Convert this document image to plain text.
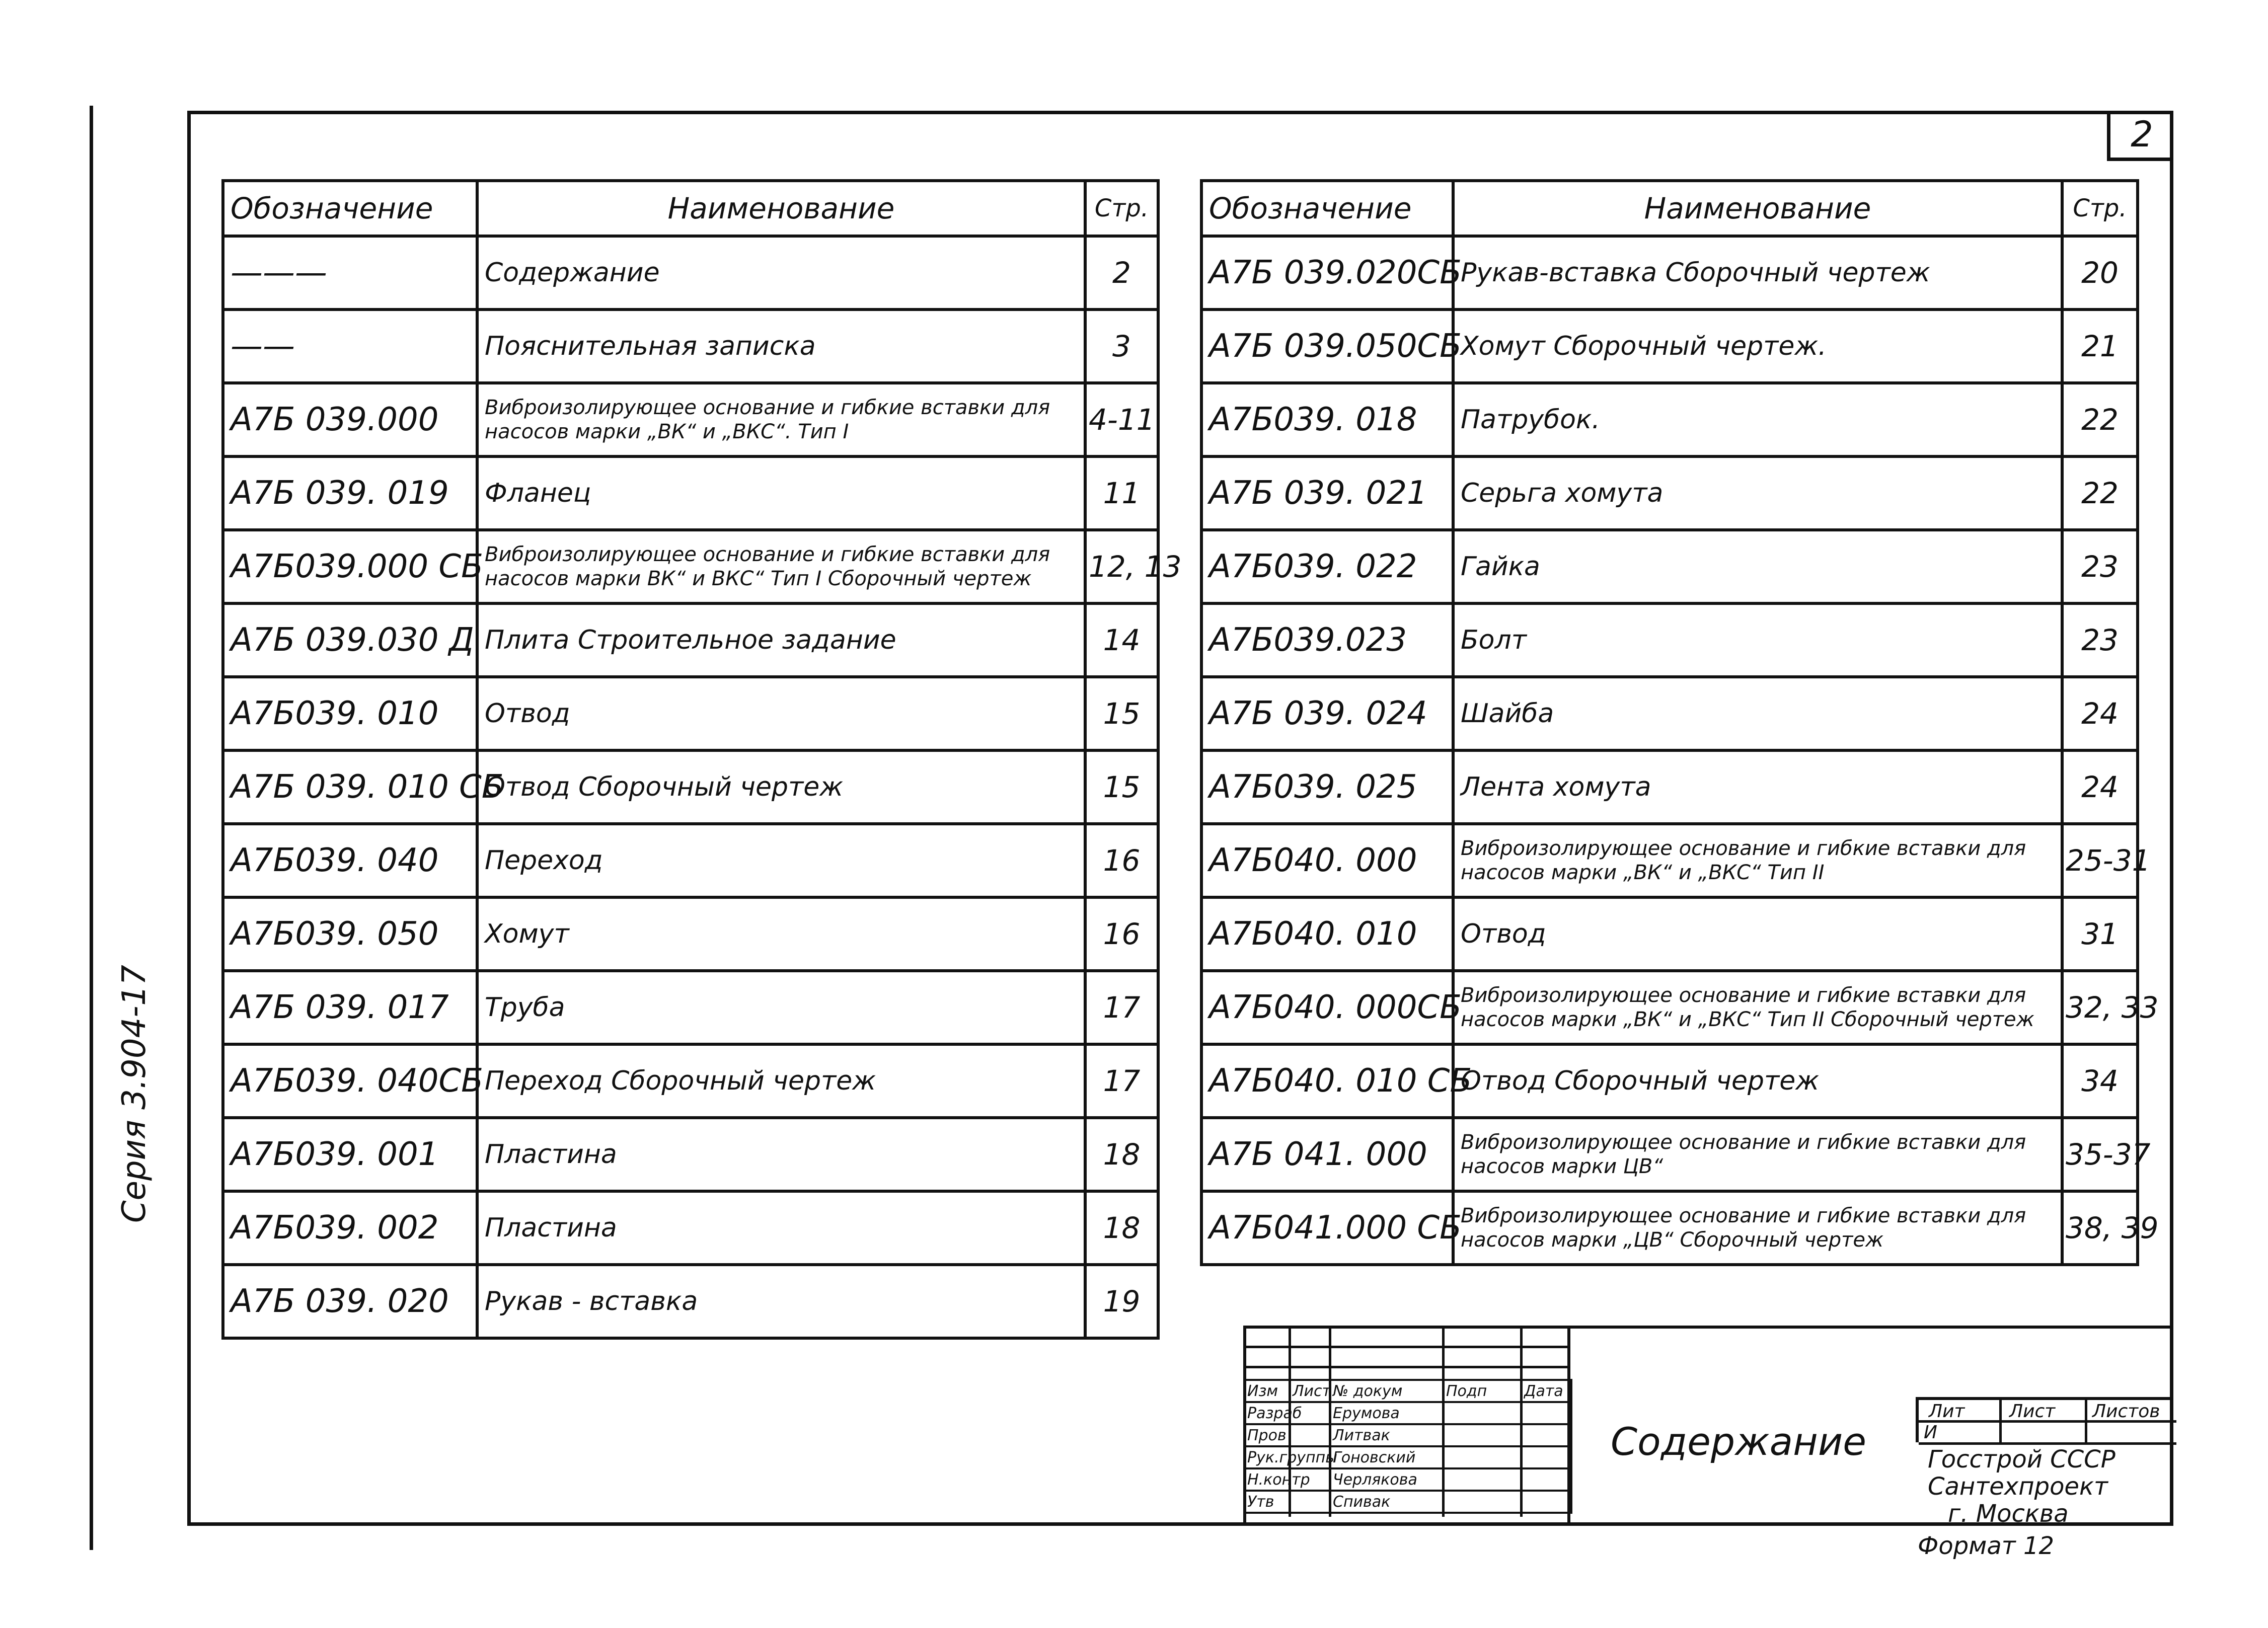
Серия 3.904-17
2
Обозначение	Наименование	Стр.
———	Содержание	2
——	Пояснительная записка	3
А7Б 039.000	Виброизолирующее основание и гибкие вставки для насосов марки „ВК“ и „ВКС“. Тип I	4-11
А7Б 039. 019	Фланец	11
А7Б039.000 СБ	Виброизолирующее основание и гибкие вставки для насосов марки ВК“ и ВКС“ Тип I Сборочный чертеж	12, 13
А7Б 039.030 Д	Плита Строительное задание	14
А7Б039. 010	Отвод	15
А7Б 039. 010 СБ	Отвод Сборочный чертеж	15
А7Б039. 040	Переход	16
А7Б039. 050	Хомут	16
А7Б 039. 017	Труба	17
А7Б039. 040СБ	Переход Сборочный чертеж	17
А7Б039. 001	Пластина	18
А7Б039. 002	Пластина	18
А7Б 039. 020	Рукав - вставка	19
Обозначение	Наименование	Стр.
А7Б 039.020СБ	Рукав-вставка Сборочный чертеж	20
А7Б 039.050СБ	Хомут Сборочный чертеж.	21
А7Б039. 018	Патрубок.	22
А7Б 039. 021	Серьга хомута	22
А7Б039. 022	Гайка	23
А7Б039.023	Болт	23
А7Б 039. 024	Шайба	24
А7Б039. 025	Лента хомута	24
А7Б040. 000	Виброизолирующее основание и гибкие вставки для насосов марки „ВК“ и „ВКС“ Тип II	25-31
А7Б040. 010	Отвод	31
А7Б040. 000СБ	Виброизолирующее основание и гибкие вставки для насосов марки „ВК“ и „ВКС“ Тип II Сборочный чертеж	32, 33
А7Б040. 010 СБ	Отвод Сборочный чертеж	34
А7Б 041. 000	Виброизолирующее основание и гибкие вставки для насосов марки ЦВ“	35-37
А7Б041.000 СБ	Виброизолирующее основание и гибкие вставки для насосов марки „ЦВ“ Сборочный чертеж	38, 39
Изм	Лист	№ докум	Подп	Дата
Разраб		Ерумова		
Пров		Литвак		
Рук.группы		Гоновский		
Н.контр		Черлякова		
Утв		Спивак		
Содержание
Лит Лист Листов
И
Госстрой СССР
Сантехпроект
г. Москва
Формат 12
